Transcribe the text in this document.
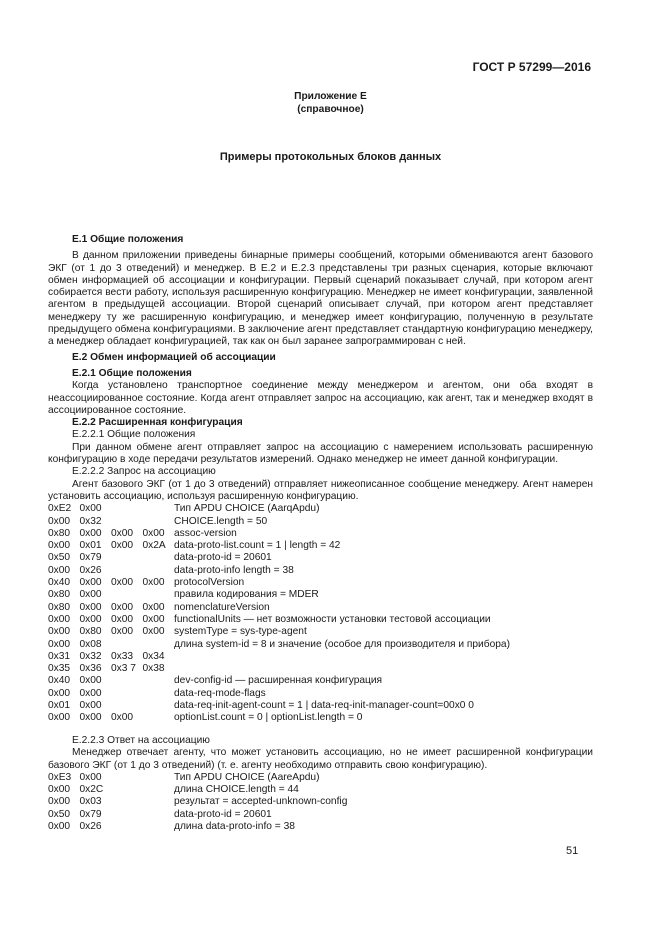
ГОСТ Р 57299—2016
Приложение Е
(справочное)
Примеры протокольных блоков данных
Е.1 Общие положения

В данном приложении приведены бинарные примеры сообщений, которыми обмениваются агент базового ЭКГ (от 1 до 3 отведений) и менеджер. В Е.2 и Е.2.3 представлены три разных сценария, которые включают обмен информацией об ассоциации и конфигурации. Первый сценарий показывает случай, при котором агент собирается вести работу, используя расширенную конфигурацию. Менеджер не имеет конфигурации, заявленной агентом в предыдущей ассоциации. Второй сценарий описывает случай, при котором агент представляет менеджеру ту же расширенную конфигурацию, и менеджер имеет конфигурацию, полученную в результате предыдущего обмена конфигурациями. В заключение агент представляет стандартную конфигурацию менеджеру, а менеджер обладает конфигурацией, так как он был заранее запрограммирован с ней.

Е.2 Обмен информацией об ассоциации
Е.2.1 Общие положения

Когда установлено транспортное соединение между менеджером и агентом, они оба входят в неассоциированное состояние. Когда агент отправляет запрос на ассоциацию, как агент, так и менеджер входят в ассоциированное состояние.

Е.2.2 Расширенная конфигурация
Е.2.2.1 Общие положения

При данном обмене агент отправляет запрос на ассоциацию с намерением использовать расширенную конфигурацию в ходе передачи результатов измерений. Однако менеджер не имеет данной конфигурации.

Е.2.2.2 Запрос на ассоциацию

Агент базового ЭКГ (от 1 до 3 отведений) отправляет нижеописанное сообщение менеджеру. Агент намерен установить ассоциацию, используя расширенную конфигурацию.

0xE2 0x00	Тип APDU CHOICE (AarqApdu)
0x00 0x32	CHOICE.length = 50
0x80 0x00 0x00 0x00 assoc-version
0x00 0x01 0x00 0x2A data-proto-list.count = 1 | length = 42
0x50 0x79	data-proto-id = 20601
0x00 0x26	data-proto-info length = 38
0x40 0x00 0x00 0x00 protocolVersion
0x80 0x00	правила кодирования = MDER
0x80 0x00 0x00 0x00 nomenclatureVersion
0x00 0x00 0x00 0x00 functionalUnits — нет возможности установки тестовой ассоциации
0x00 0x80 0x00 0x00 systemType = sys-type-agent
0x00 0x08	длина system-id = 8 и значение (особое для производителя и прибора)
0x31 0x32 0x33 0x34
0x35 0x36 0x3 7 0x38
0x40 0x00	dev-config-id — расширенная конфигурация
0x00 0x00	data-req-mode-flags
0x01 0x00	data-req-init-agent-count = 1 | data-req-init-manager-count=00x0 0
0x00 0x00 0x00	optionList.count = 0 | optionList.length = 0
Е.2.2.3 Ответ на ассоциацию

Менеджер отвечает агенту, что может установить ассоциацию, но не имеет расширенной конфигурации базового ЭКГ (от 1 до 3 отведений) (т. е. агенту необходимо отправить свою конфигурацию).

0xE3 0x00	Тип APDU CHOICE (AareApdu)
0x00 0x2C	длина CHOICE.length = 44
0x00 0x03	результат = accepted-unknown-config
0x50 0x79	data-proto-id = 20601
0x00 0x26	длина data-proto-info = 38
51
